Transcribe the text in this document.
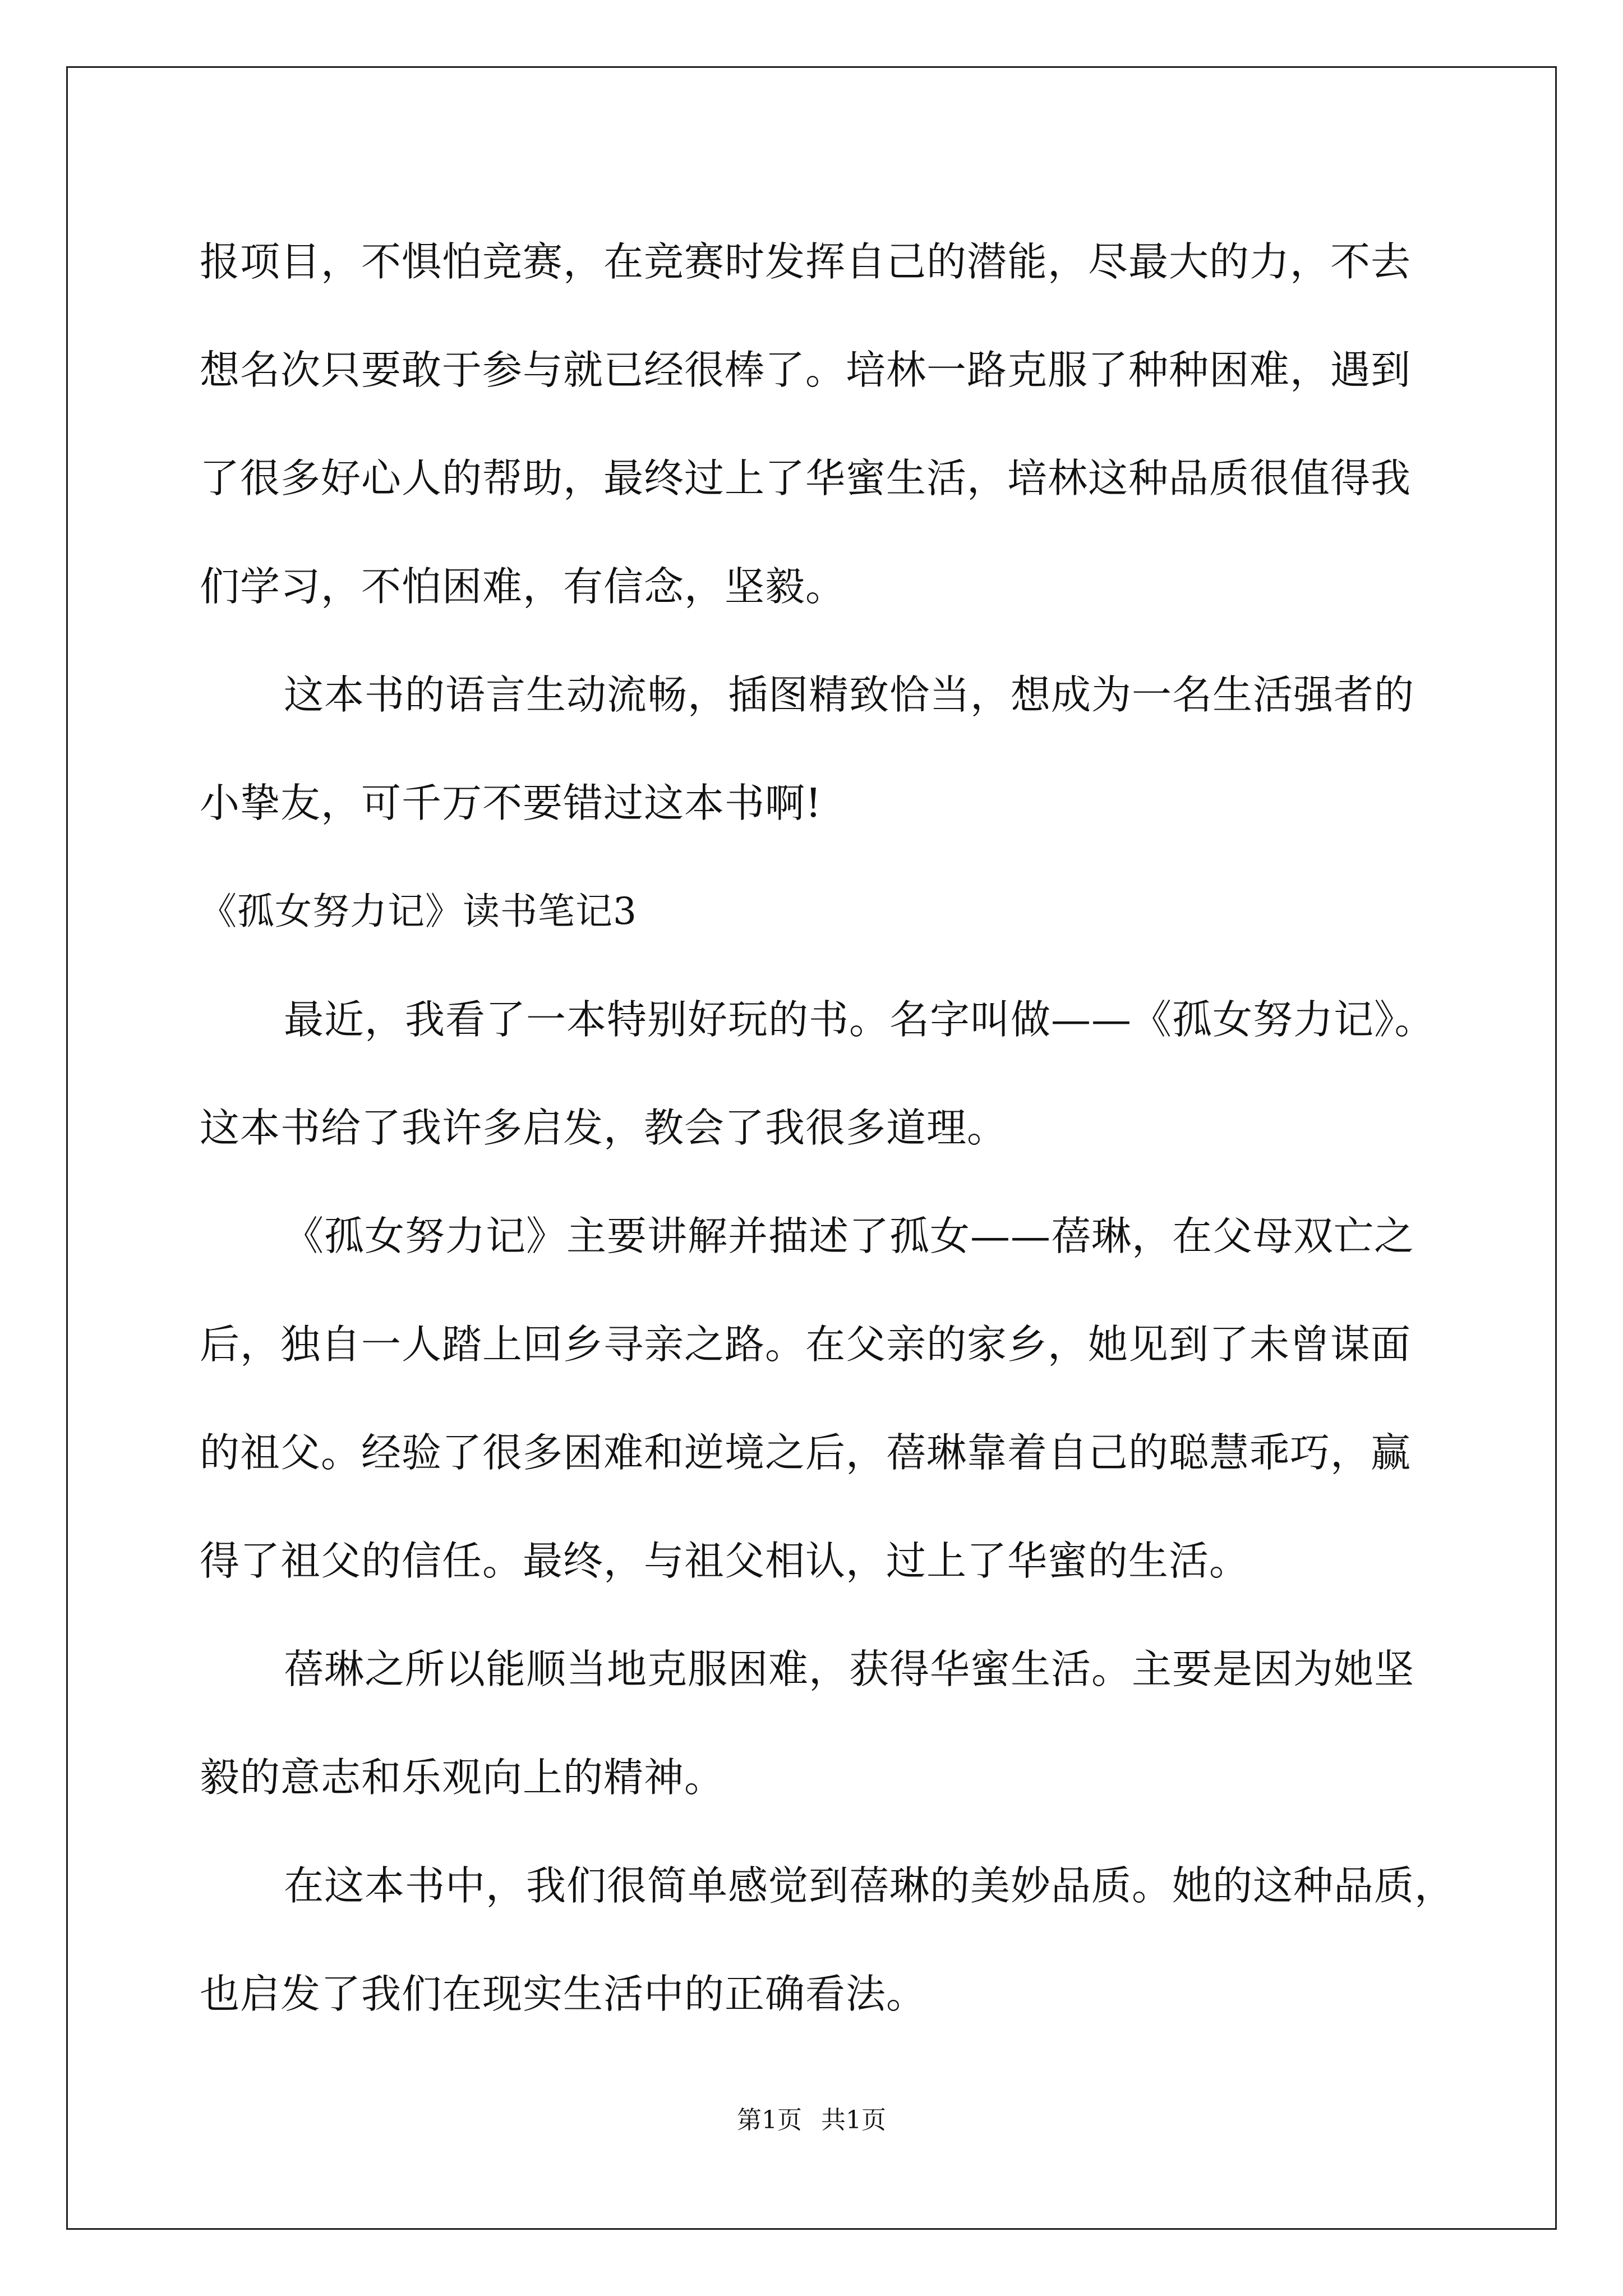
报项目，不惧怕竞赛，在竞赛时发挥自己的潜能，尽最大的力，不去

想名次只要敢于参与就已经很棒了。培林一路克服了种种困难，遇到

了很多好心人的帮助，最终过上了华蜜生活，培林这种品质很值得我

们学习，不怕困难，有信念，坚毅。

这本书的语言生动流畅，插图精致恰当，想成为一名生活强者的

小挚友，可千万不要错过这本书啊!

《孤女努力记》读书笔记3

最近，我看了一本特别好玩的书。名字叫做——《孤女努力记》。

这本书给了我许多启发，教会了我很多道理。

《孤女努力记》主要讲解并描述了孤女——蓓琳，在父母双亡之

后，独自一人踏上回乡寻亲之路。在父亲的家乡，她见到了未曾谋面

的祖父。经验了很多困难和逆境之后，蓓琳靠着自己的聪慧乖巧，赢

得了祖父的信任。最终，与祖父相认，过上了华蜜的生活。

蓓琳之所以能顺当地克服困难，获得华蜜生活。主要是因为她坚

毅的意志和乐观向上的精神。

在这本书中，我们很简单感觉到蓓琳的美妙品质。她的这种品质，

也启发了我们在现实生活中的正确看法。

第1页 共1页
